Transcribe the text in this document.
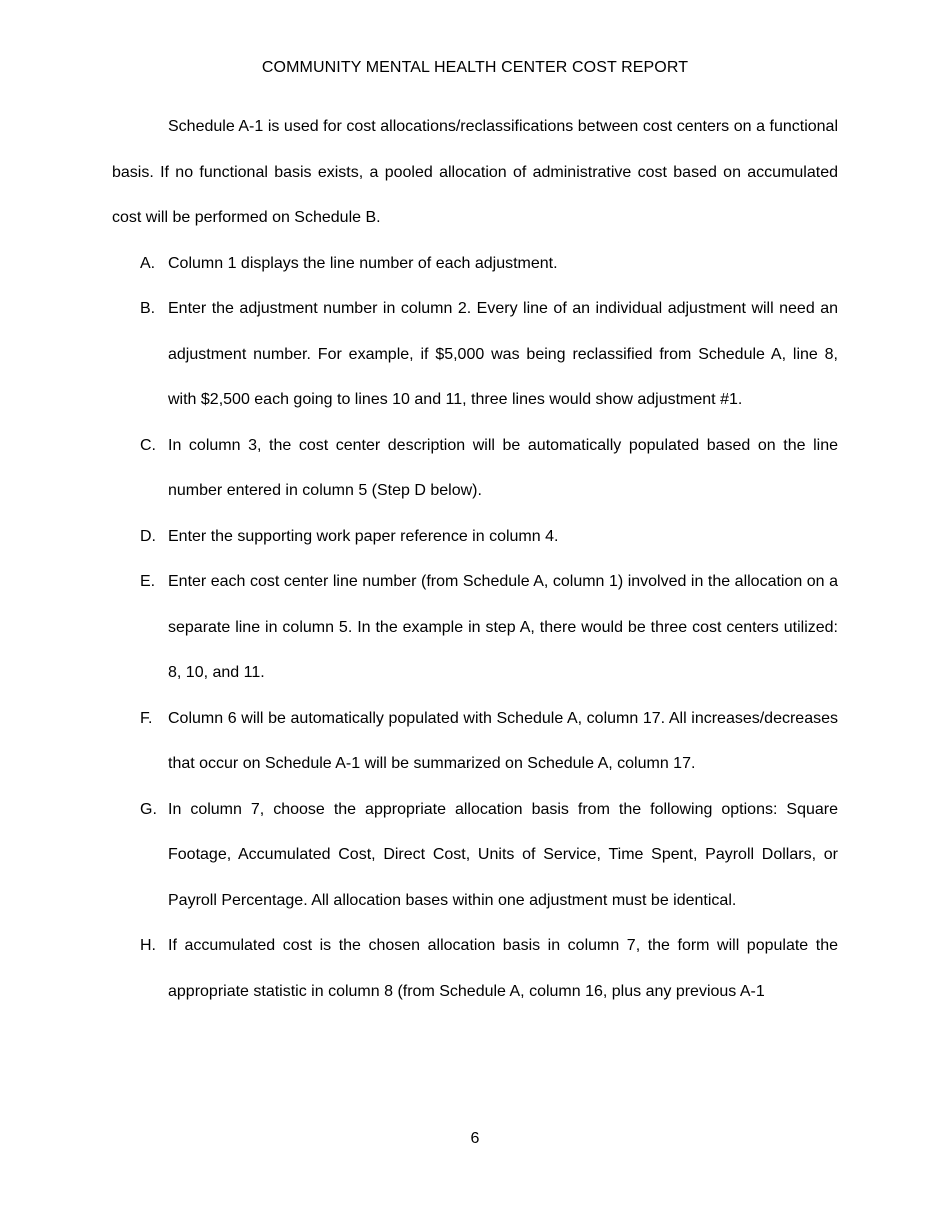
COMMUNITY MENTAL HEALTH CENTER COST REPORT

Schedule A-1 is used for cost allocations/reclassifications between cost centers on a functional basis. If no functional basis exists, a pooled allocation of administrative cost based on accumulated cost will be performed on Schedule B.

A. Column 1 displays the line number of each adjustment.
B. Enter the adjustment number in column 2. Every line of an individual adjustment will need an adjustment number. For example, if $5,000 was being reclassified from Schedule A, line 8, with $2,500 each going to lines 10 and 11, three lines would show adjustment #1.
C. In column 3, the cost center description will be automatically populated based on the line number entered in column 5 (Step D below).
D. Enter the supporting work paper reference in column 4.
E. Enter each cost center line number (from Schedule A, column 1) involved in the allocation on a separate line in column 5. In the example in step A, there would be three cost centers utilized: 8, 10, and 11.
F. Column 6 will be automatically populated with Schedule A, column 17. All increases/decreases that occur on Schedule A-1 will be summarized on Schedule A, column 17.
G. In column 7, choose the appropriate allocation basis from the following options: Square Footage, Accumulated Cost, Direct Cost, Units of Service, Time Spent, Payroll Dollars, or Payroll Percentage. All allocation bases within one adjustment must be identical.
H. If accumulated cost is the chosen allocation basis in column 7, the form will populate the appropriate statistic in column 8 (from Schedule A, column 16, plus any previous A-1
6
